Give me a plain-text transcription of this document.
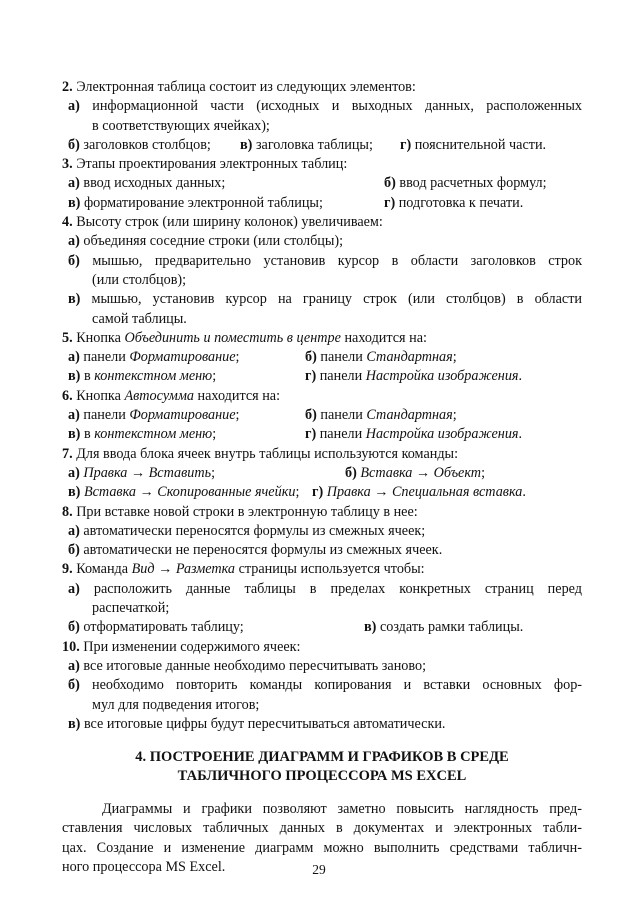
2. Электронная таблица состоит из следующих элементов:
а) информационной части (исходных и выходных данных, расположенных
в соответствующих ячейках);
б) заголовков столбцов;	в) заголовка таблицы;	г) пояснительной части.
3. Этапы проектирования электронных таблиц:
а) ввод исходных данных;	б) ввод расчетных формул;
в) форматирование электронной таблицы;	г) подготовка к печати.
4. Высоту строк (или ширину колонок) увеличиваем:
а) объединяя соседние строки (или столбцы);
б) мышью, предварительно установив курсор в области заголовков строк
(или столбцов);
в) мышью, установив курсор на границу строк (или столбцов) в области
самой таблицы.
5. Кнопка Объединить и поместить в центре находится на:
а) панели Форматирование;	б) панели Стандартная;
в) в контекстном меню;	г) панели Настройка изображения.
6. Кнопка Автосумма находится на:
а) панели Форматирование;	б) панели Стандартная;
в) в контекстном меню;	г) панели Настройка изображения.
7. Для ввода блока ячеек внутрь таблицы используются команды:
а) Правка → Вставить;	б) Вставка → Объект;
в) Вставка → Скопированные ячейки; г) Правка → Специальная вставка.
8. При вставке новой строки в электронную таблицу в нее:
а) автоматически переносятся формулы из смежных ячеек;
б) автоматически не переносятся формулы из смежных ячеек.
9. Команда Вид → Разметка страницы используется чтобы:
а) расположить данные таблицы в пределах конкретных страниц перед
распечаткой;
б) отформатировать таблицу;	в) создать рамки таблицы.
10. При изменении содержимого ячеек:
а) все итоговые данные необходимо пересчитывать заново;
б) необходимо повторить команды копирования и вставки основных фор-
мул для подведения итогов;
в) все итоговые цифры будут пересчитываться автоматически.
4. ПОСТРОЕНИЕ ДИАГРАММ И ГРАФИКОВ В СРЕДЕ
ТАБЛИЧНОГО ПРОЦЕССОРА MS EXCEL
Диаграммы и графики позволяют заметно повысить наглядность пред-
ставления числовых табличных данных в документах и электронных табли-
цах. Создание и изменение диаграмм можно выполнить средствами табличн-
ного процессора MS Excel.	29
